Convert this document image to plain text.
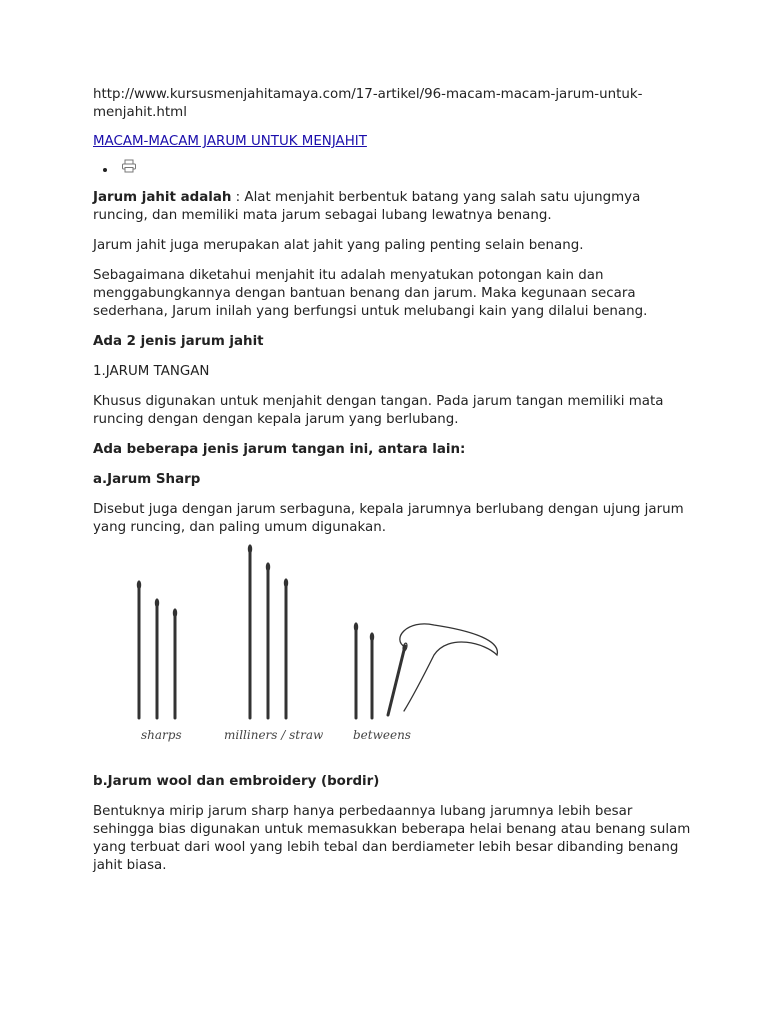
http://www.kursusmenjahitamaya.com/17-artikel/96-macam-macam-jarum-untuk-menjahit.html

MACAM-MACAM JARUM UNTUK MENJAHIT
•

Jarum jahit adalah : Alat menjahit berbentuk batang yang salah satu ujungmya runcing, dan memiliki mata jarum sebagai lubang lewatnya benang.

Jarum jahit juga merupakan alat jahit yang paling penting selain benang.

Sebagaimana diketahui menjahit itu adalah menyatukan potongan kain dan menggabungkannya dengan bantuan benang dan jarum. Maka kegunaan secara sederhana, Jarum inilah yang berfungsi untuk melubangi kain yang dilalui benang.

Ada 2 jenis jarum jahit

1.JARUM TANGAN

Khusus digunakan untuk menjahit dengan tangan. Pada jarum tangan memiliki mata runcing dengan dengan kepala jarum yang berlubang.

Ada beberapa jenis jarum tangan ini, antara lain:

a.Jarum Sharp

Disebut juga dengan jarum serbaguna, kepala jarumnya berlubang dengan ujung jarum yang runcing, dan paling umum digunakan.

sharps	milliners / straw betweens

b.Jarum wool dan embroidery (bordir)

Bentuknya mirip jarum sharp hanya perbedaannya lubang jarumnya lebih besar sehingga bias digunakan untuk memasukkan beberapa helai benang atau benang sulam yang terbuat dari wool yang lebih tebal dan berdiameter lebih besar dibanding benang jahit biasa.
